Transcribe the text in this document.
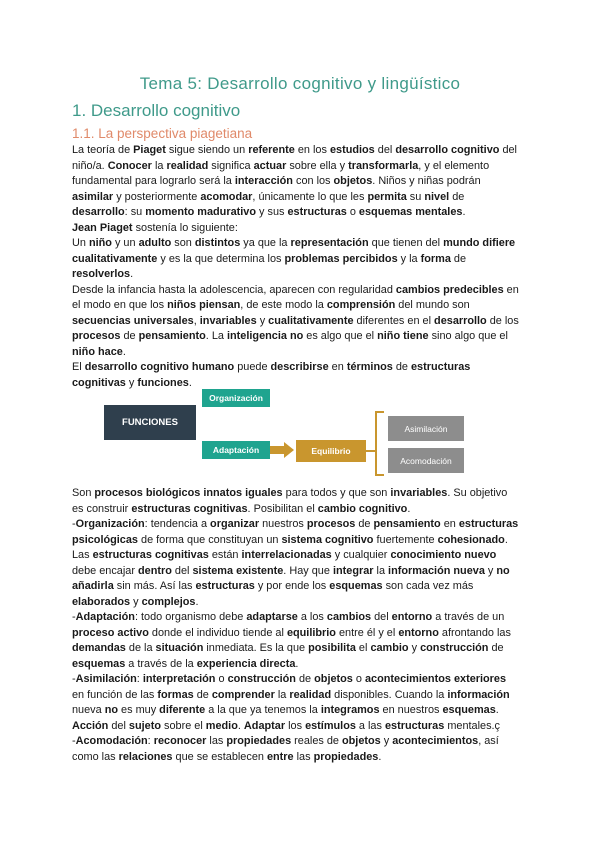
Tema 5: Desarrollo cognitivo y lingüístico
1. Desarrollo cognitivo
1.1. La perspectiva piagetiana
La teoría de Piaget sigue siendo un referente en los estudios del desarrollo cognitivo del
niño/a. Conocer la realidad significa actuar sobre ella y transformarla, y el elemento
fundamental para lograrlo será la interacción con los objetos. Niños y niñas podrán
asimilar y posteriormente acomodar, únicamente lo que les permita su nivel de
desarrollo: su momento madurativo y sus estructuras o esquemas mentales.
Jean Piaget sostenía lo siguiente:
Un niño y un adulto son distintos ya que la representación que tienen del mundo difiere
cualitativamente y es la que determina los problemas percibidos y la forma de
resolverlos.
Desde la infancia hasta la adolescencia, aparecen con regularidad cambios predecibles en
el modo en que los niños piensan, de este modo la comprensión del mundo son
secuencias universales, invariables y cualitativamente diferentes en el desarrollo de los
procesos de pensamiento. La inteligencia no es algo que el niño tiene sino algo que el
niño hace.
El desarrollo cognitivo humano puede describirse en términos de estructuras
cognitivas y funciones.
FUNCIONES
Organización
Adaptación	Equilibrio
Asimilación
Acomodación
Son procesos biológicos innatos iguales para todos y que son invariables. Su objetivo
es construir estructuras cognitivas. Posibilitan el cambio cognitivo.
-Organización: tendencia a organizar nuestros procesos de pensamiento en estructuras
psicológicas de forma que constituyan un sistema cognitivo fuertemente cohesionado.
Las estructuras cognitivas están interrelacionadas y cualquier conocimiento nuevo
debe encajar dentro del sistema existente. Hay que integrar la información nueva y no
añadirla sin más. Así las estructuras y por ende los esquemas son cada vez más
elaborados y complejos.
-Adaptación: todo organismo debe adaptarse a los cambios del entorno a través de un
proceso activo donde el individuo tiende al equilibrio entre él y el entorno afrontando las
demandas de la situación inmediata. Es la que posibilita el cambio y construcción de
esquemas a través de la experiencia directa.
-Asimilación: interpretación o construcción de objetos o acontecimientos exteriores
en función de las formas de comprender la realidad disponibles. Cuando la información
nueva no es muy diferente a la que ya tenemos la integramos en nuestros esquemas.
Acción del sujeto sobre el medio. Adaptar los estímulos a las estructuras mentales.ç
-Acomodación: reconocer las propiedades reales de objetos y acontecimientos, así
como las relaciones que se establecen entre las propiedades.
